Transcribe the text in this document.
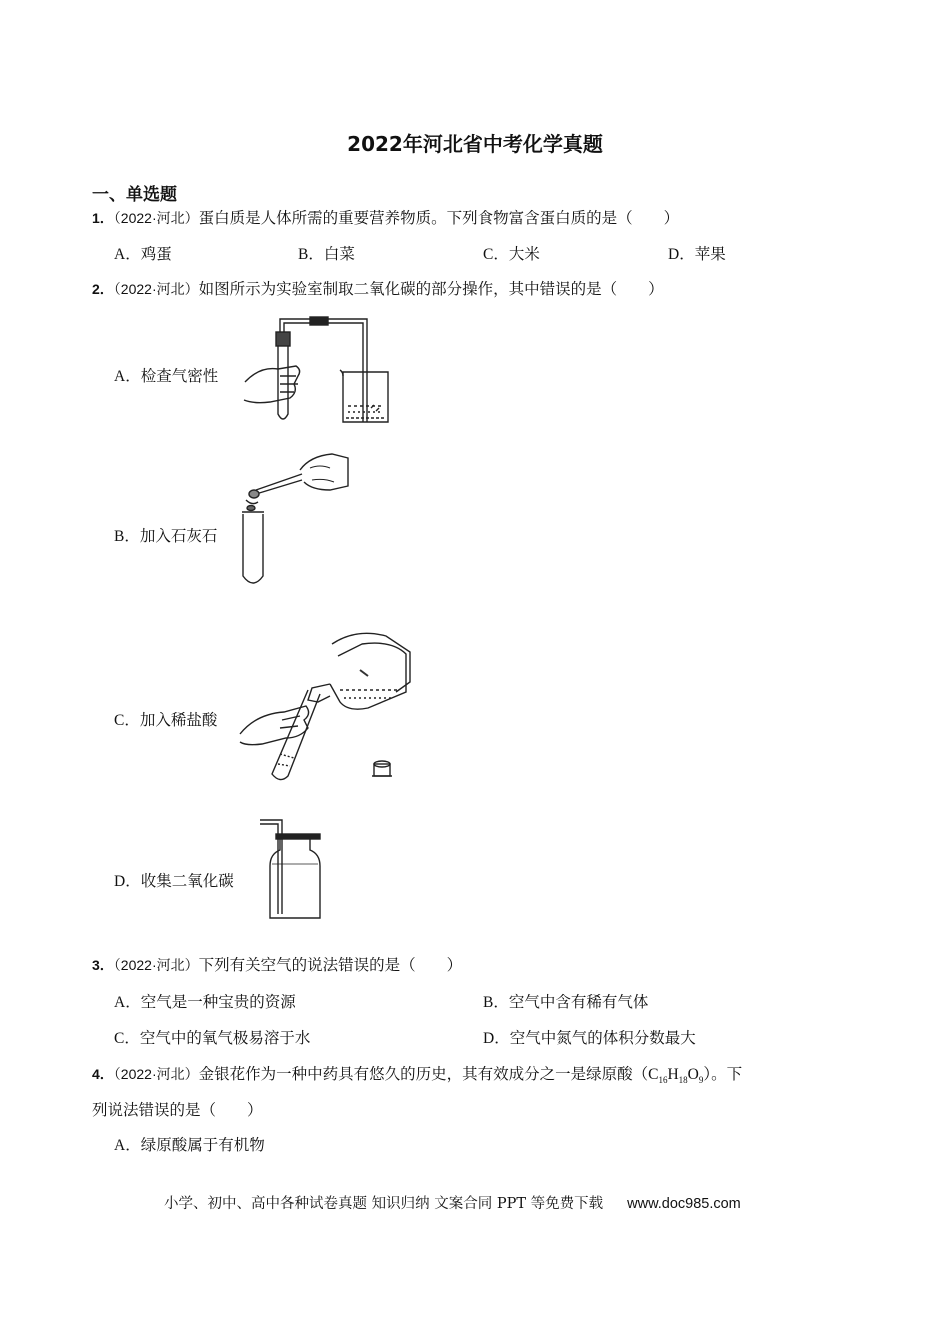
2022年河北省中考化学真题
一、单选题
1．（2022·河北）蛋白质是人体所需的重要营养物质。下列食物富含蛋白质的是（　　）
A．鸡蛋	B．白菜	C．大米	D．苹果
2．（2022·河北）如图所示为实验室制取二氧化碳的部分操作，其中错误的是（　　）
A．检查气密性
B．加入石灰石
C．加入稀盐酸
D．收集二氧化碳
3．（2022·河北）下列有关空气的说法错误的是（　　）
A．空气是一种宝贵的资源	B．空气中含有稀有气体
C．空气中的氧气极易溶于水	D．空气中氮气的体积分数最大
4．（2022·河北）金银花作为一种中药具有悠久的历史，其有效成分之一是绿原酸$(C_{16}H_{18}O_9)$。下
列说法错误的是（　　）
A．绿原酸属于有机物
小学、初中、高中各种试卷真题 知识归纳 文案合同 PPT 等免费下载 www.doc985.com
